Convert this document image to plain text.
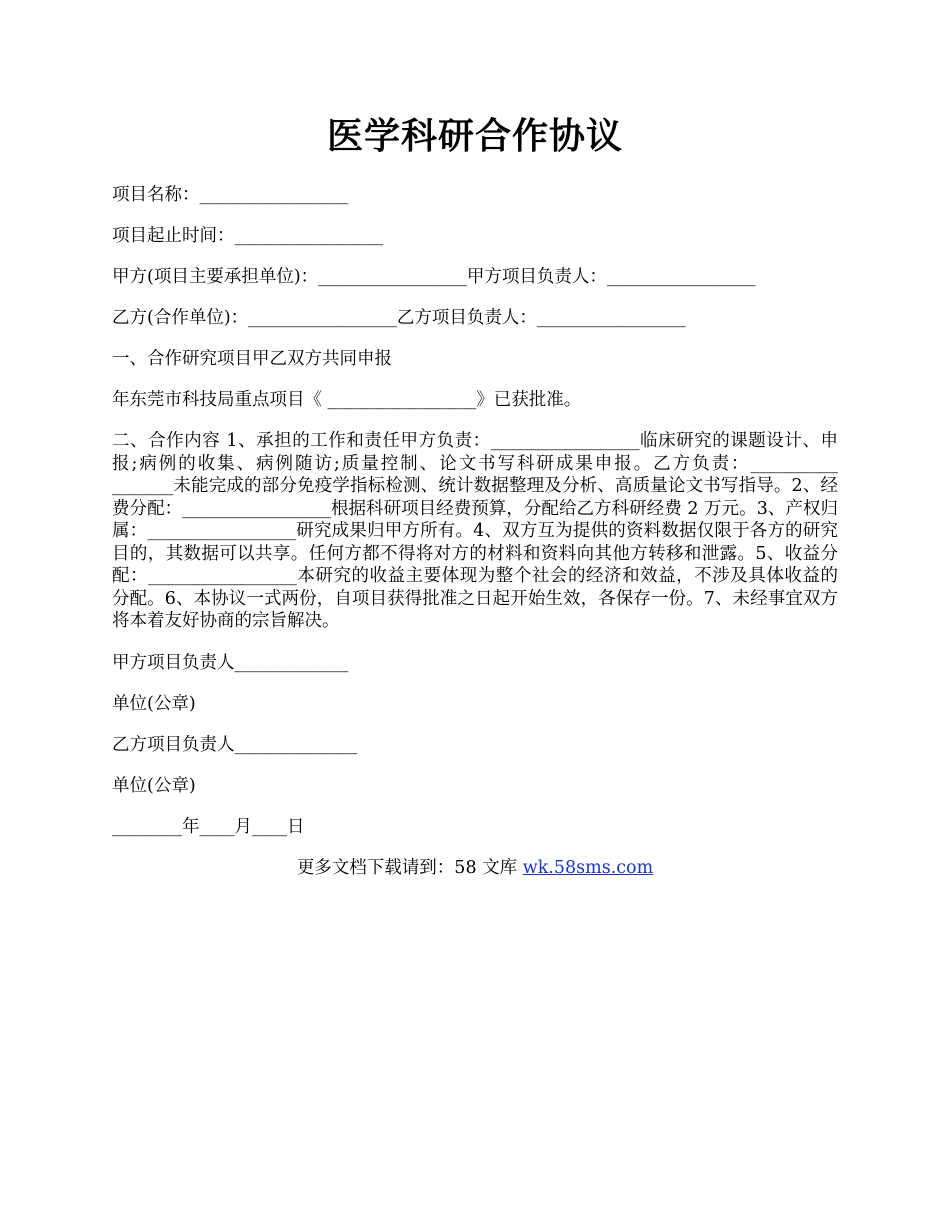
医学科研合作协议

项目名称：_________________

项目起止时间：_________________

甲方(项目主要承担单位)：_________________甲方项目负责人：_________________

乙方(合作单位)：_________________乙方项目负责人：_________________

一、合作研究项目甲乙双方共同申报

年东莞市科技局重点项目《 _________________》已获批准。

二、合作内容 1、承担的工作和责任甲方负责：_________________临床研究的课题设计、申报;病例的收集、病例随访;质量控制、论文书写科研成果申报。乙方负责：__________ _______未能完成的部分免疫学指标检测、统计数据整理及分析、高质量论文书写指导。2、经费分配：_________________根据科研项目经费预算，分配给乙方科研经费 2 万元。3、产权归属：_________________研究成果归甲方所有。4、双方互为提供的资料数据仅限于各方的研究目的，其数据可以共享。任何方都不得将对方的材料和资料向其他方转移和泄露。5、收益分配：_________________本研究的收益主要体现为整个社会的经济和效益，不涉及具体收益的分配。6、本协议一式两份，自项目获得批准之日起开始生效，各保存一份。7、未经事宜双方将本着友好协商的宗旨解决。

甲方项目负责人_____________

单位(公章)

乙方项目负责人______________

单位(公章)

________年____月____日

更多文档下载请到：58 文库 wk.58sms.com
